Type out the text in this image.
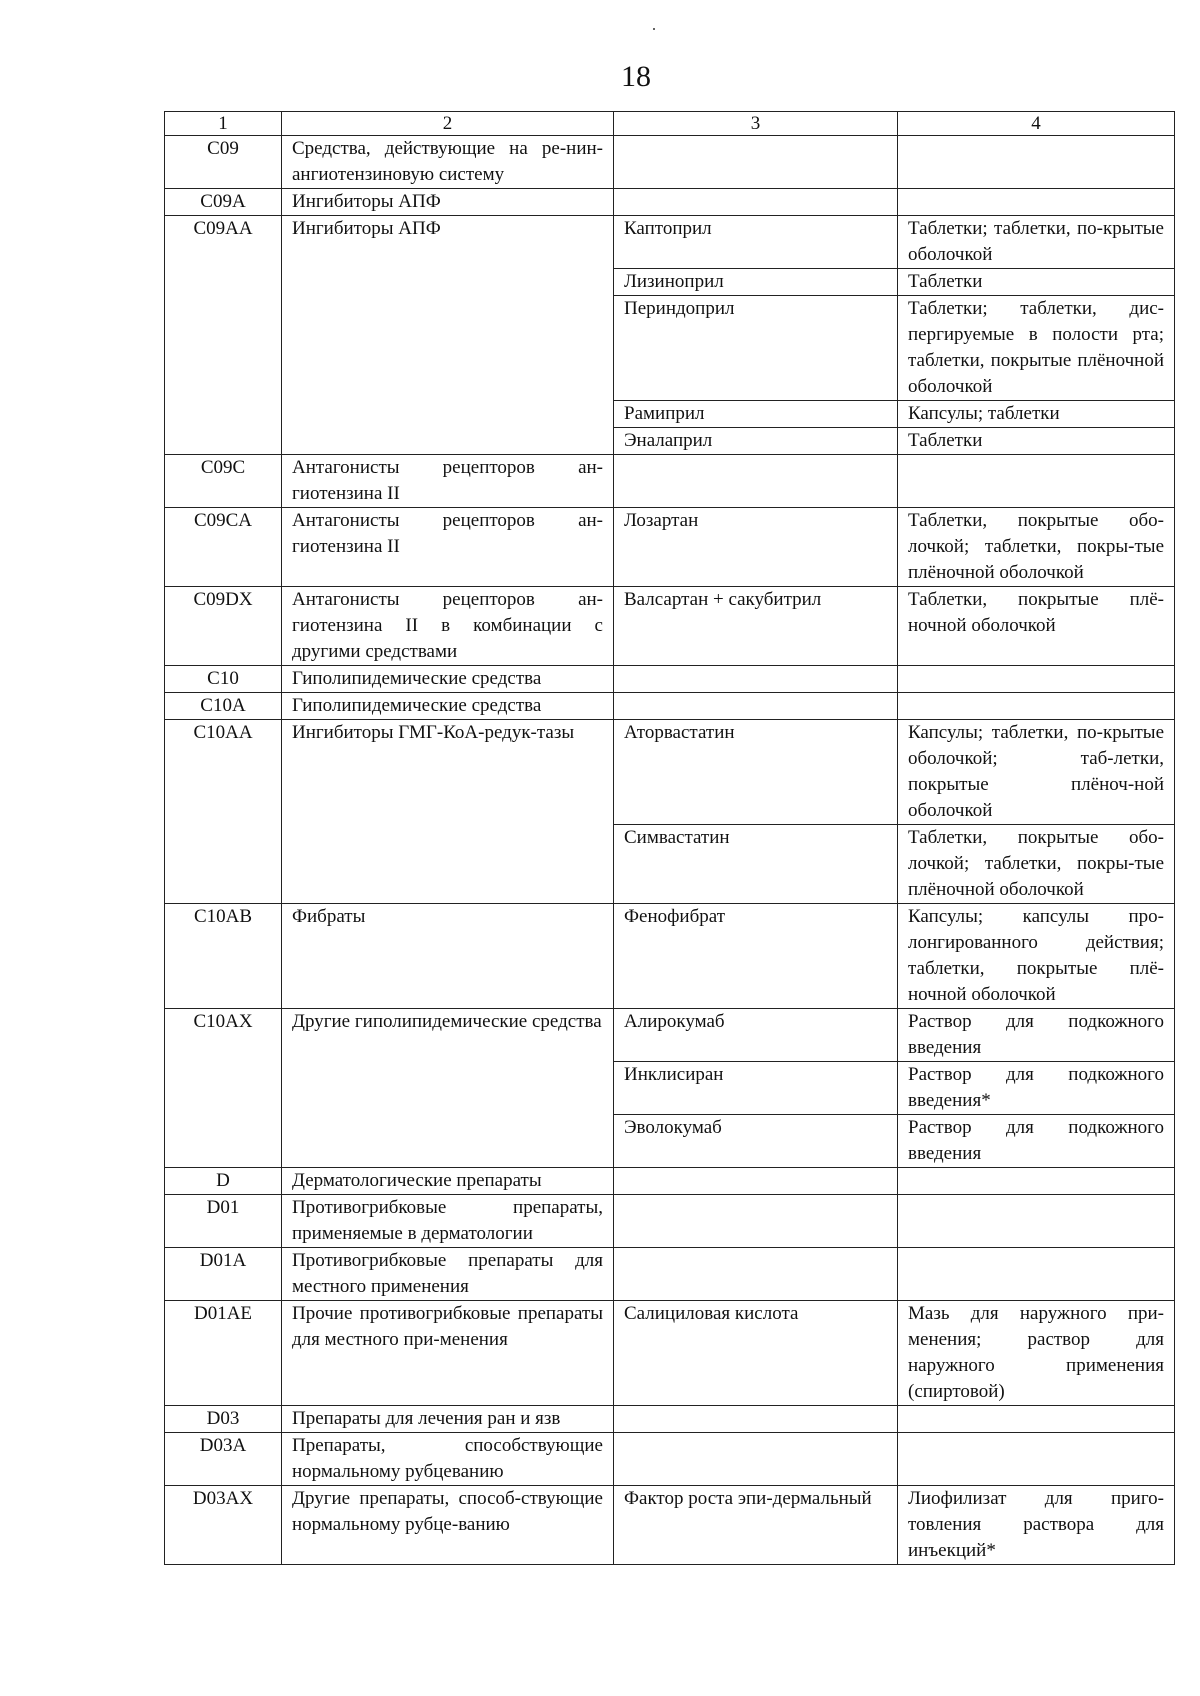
18
1	2	3	4
C09	Средства, действующие на ре-нин-ангиотензиновую систему		
C09A	Ингибиторы АПФ		
C09AA	Ингибиторы АПФ	Каптоприл	Таблетки; таблетки, по-крытые оболочкой
		Лизиноприл	Таблетки
		Периндоприл	Таблетки; таблетки, дис-пергируемые в полости рта; таблетки, покрытые плёночной оболочкой
		Рамиприл	Капсулы; таблетки
		Эналаприл	Таблетки
C09C	Антагонисты рецепторов ан-гиотензина II		
C09CA	Антагонисты рецепторов ан-гиотензина II	Лозартан	Таблетки, покрытые обо-лочкой; таблетки, покры-тые плёночной оболочкой
C09DX	Антагонисты рецепторов ан-гиотензина II в комбинации с другими средствами	Валсартан + сакубитрил	Таблетки, покрытые плё-ночной оболочкой
C10	Гиполипидемические средства		
C10A	Гиполипидемические средства		
C10AA	Ингибиторы ГМГ-КоА-редук-тазы	Аторвастатин	Капсулы; таблетки, по-крытые оболочкой; таб-летки, покрытые плёноч-ной оболочкой
		Симвастатин	Таблетки, покрытые обо-лочкой; таблетки, покры-тые плёночной оболочкой
C10AB	Фибраты	Фенофибрат	Капсулы; капсулы про-лонгированного действия; таблетки, покрытые плё-ночной оболочкой
C10AX	Другие гиполипидемические средства	Алирокумаб	Раствор для подкожного введения
		Инклисиран	Раствор для подкожного введения*
		Эволокумаб	Раствор для подкожного введения
D	Дерматологические препараты		
D01	Противогрибковые препараты, применяемые в дерматологии		
D01A	Противогрибковые препараты для местного применения		
D01AE	Прочие противогрибковые препараты для местного при-менения	Салициловая кислота	Мазь для наружного при-менения; раствор для наружного применения (спиртовой)
D03	Препараты для лечения ран и язв		
D03A	Препараты, способствующие нормальному рубцеванию		
D03AX	Другие препараты, способ-ствующие нормальному рубце-ванию	Фактор роста эпи-дермальный	Лиофилизат для приго-товления раствора для инъекций*
